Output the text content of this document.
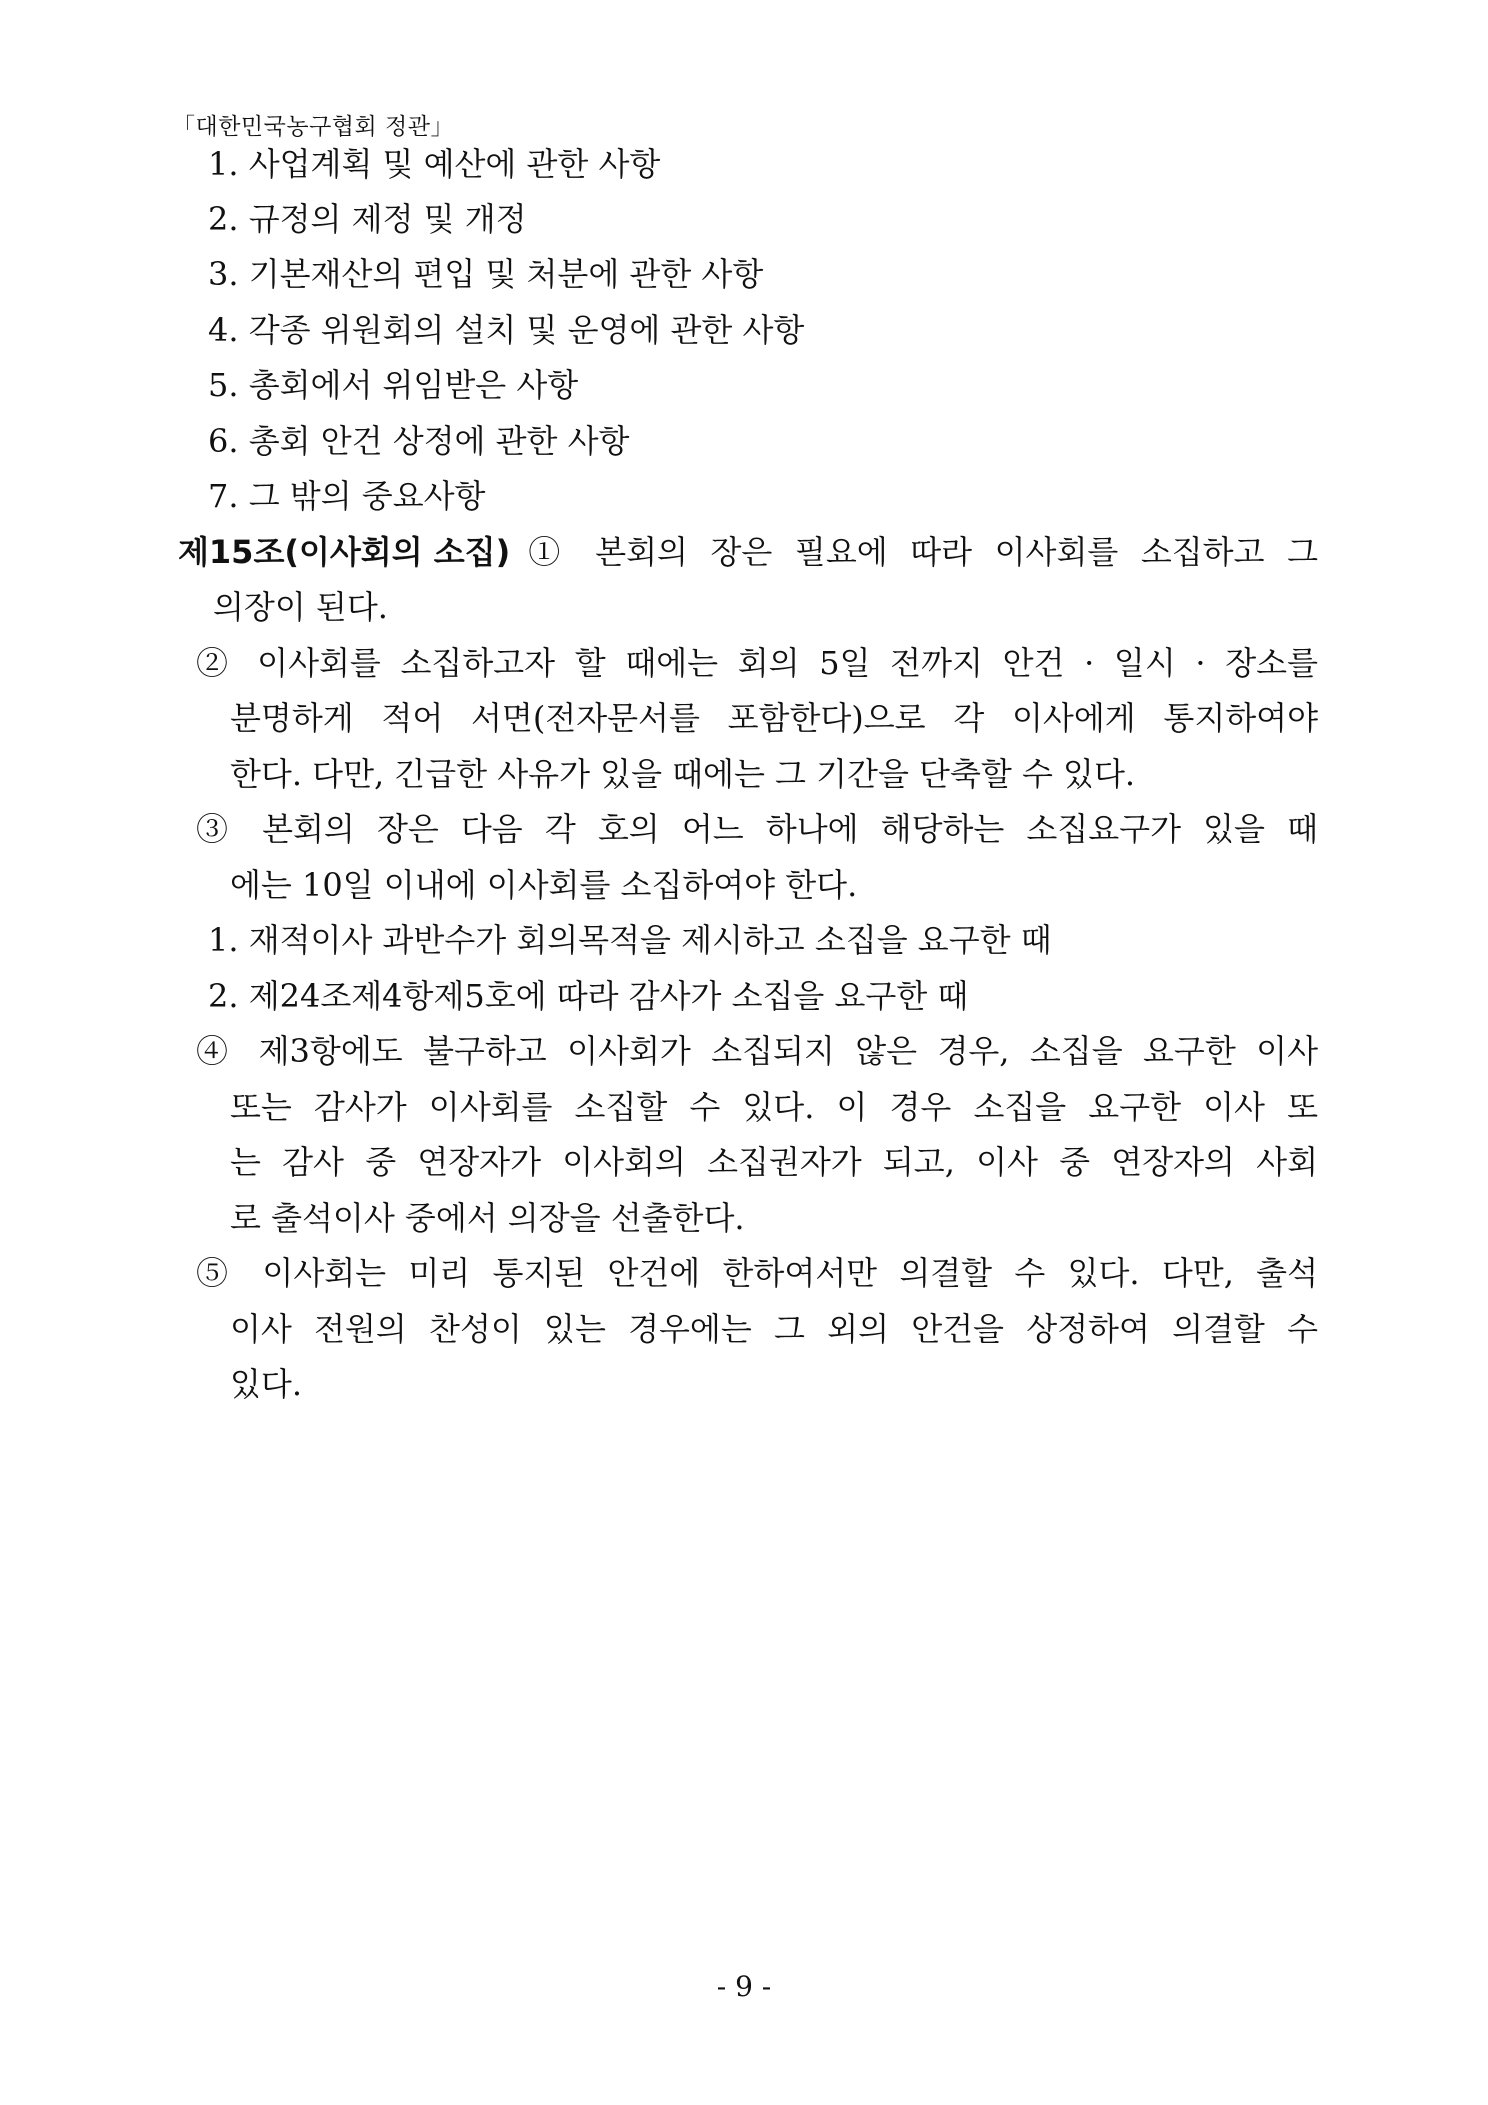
「대한민국농구협회 정관」
1. 사업계획 및 예산에 관한 사항
2. 규정의 제정 및 개정
3. 기본재산의 편입 및 처분에 관한 사항
4. 각종 위원회의 설치 및 운영에 관한 사항
5. 총회에서 위임받은 사항
6. 총회 안건 상정에 관한 사항
7. 그 밖의 중요사항
제15조(이사회의 소집) ① 본회의 장은 필요에 따라 이사회를 소집하고 그
의장이 된다.
② 이사회를 소집하고자 할 때에는 회의 5일 전까지 안건 · 일시 · 장소를
분명하게 적어 서면(전자문서를 포함한다)으로 각 이사에게 통지하여야
한다. 다만, 긴급한 사유가 있을 때에는 그 기간을 단축할 수 있다.
③ 본회의 장은 다음 각 호의 어느 하나에 해당하는 소집요구가 있을 때
에는 10일 이내에 이사회를 소집하여야 한다.
1. 재적이사 과반수가 회의목적을 제시하고 소집을 요구한 때
2. 제24조제4항제5호에 따라 감사가 소집을 요구한 때
④ 제3항에도 불구하고 이사회가 소집되지 않은 경우, 소집을 요구한 이사
또는 감사가 이사회를 소집할 수 있다. 이 경우 소집을 요구한 이사 또
는 감사 중 연장자가 이사회의 소집권자가 되고, 이사 중 연장자의 사회
로 출석이사 중에서 의장을 선출한다.
⑤ 이사회는 미리 통지된 안건에 한하여서만 의결할 수 있다. 다만, 출석
이사 전원의 찬성이 있는 경우에는 그 외의 안건을 상정하여 의결할 수
있다.
- 9 -
